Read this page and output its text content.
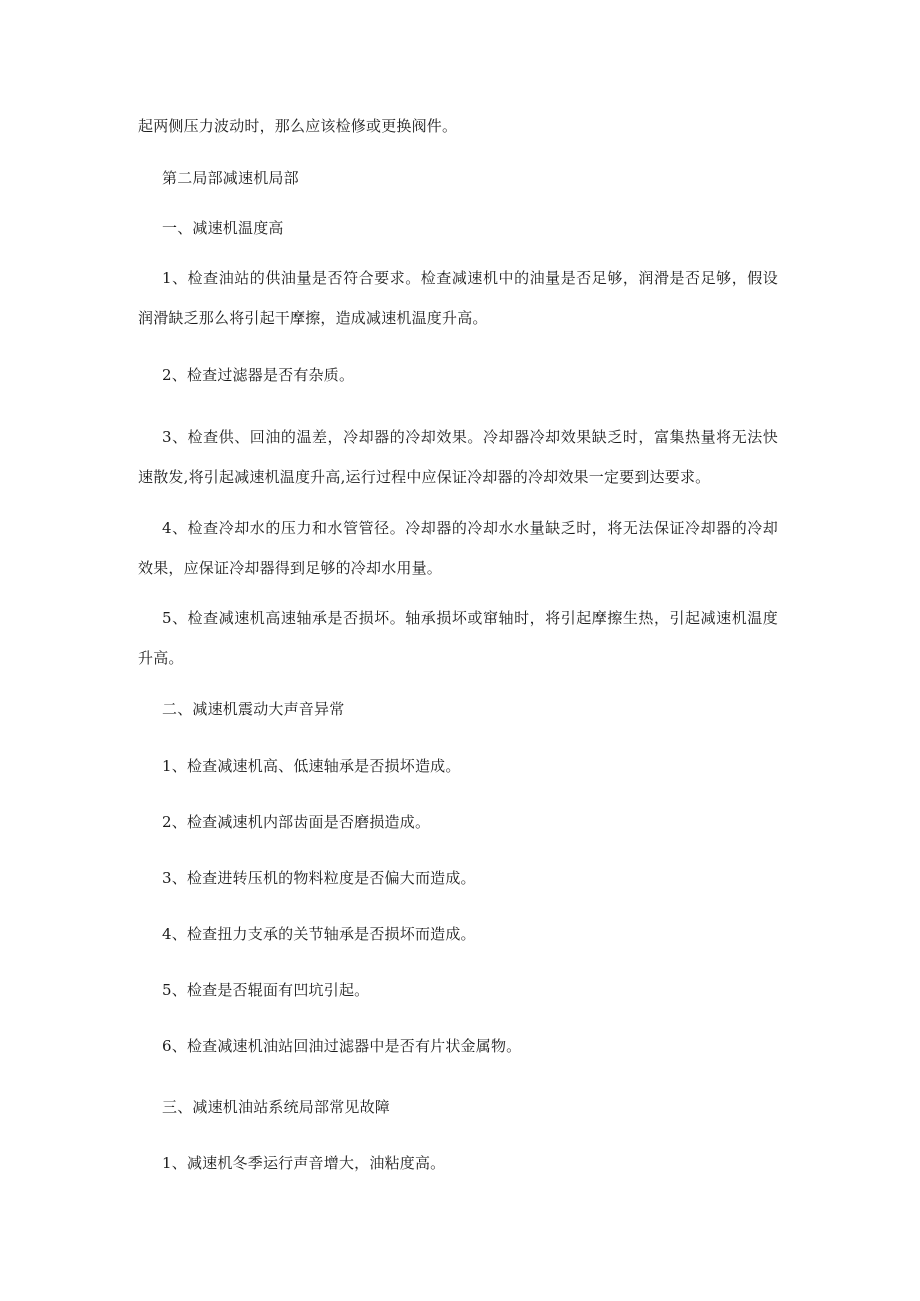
起两侧压力波动时，那么应该检修或更换阀件。
第二局部减速机局部
一、减速机温度高
1、检查油站的供油量是否符合要求。检查减速机中的油量是否足够，润滑是否足够，假设润滑缺乏那么将引起干摩擦，造成减速机温度升高。
2、检查过滤器是否有杂质。
3、检查供、回油的温差，冷却器的冷却效果。冷却器冷却效果缺乏时，富集热量将无法快速散发,将引起减速机温度升高,运行过程中应保证冷却器的冷却效果一定要到达要求。
4、检查冷却水的压力和水管管径。冷却器的冷却水水量缺乏时，将无法保证冷却器的冷却效果，应保证冷却器得到足够的冷却水用量。
5、检查减速机高速轴承是否损坏。轴承损坏或窜轴时，将引起摩擦生热，引起减速机温度升高。
二、减速机震动大声音异常
1、检查减速机高、低速轴承是否损坏造成。
2、检查减速机内部齿面是否磨损造成。
3、检查进转压机的物料粒度是否偏大而造成。
4、检查扭力支承的关节轴承是否损坏而造成。
5、检查是否辊面有凹坑引起。
6、检查减速机油站回油过滤器中是否有片状金属物。
三、减速机油站系统局部常见故障
1、减速机冬季运行声音增大，油粘度高。
